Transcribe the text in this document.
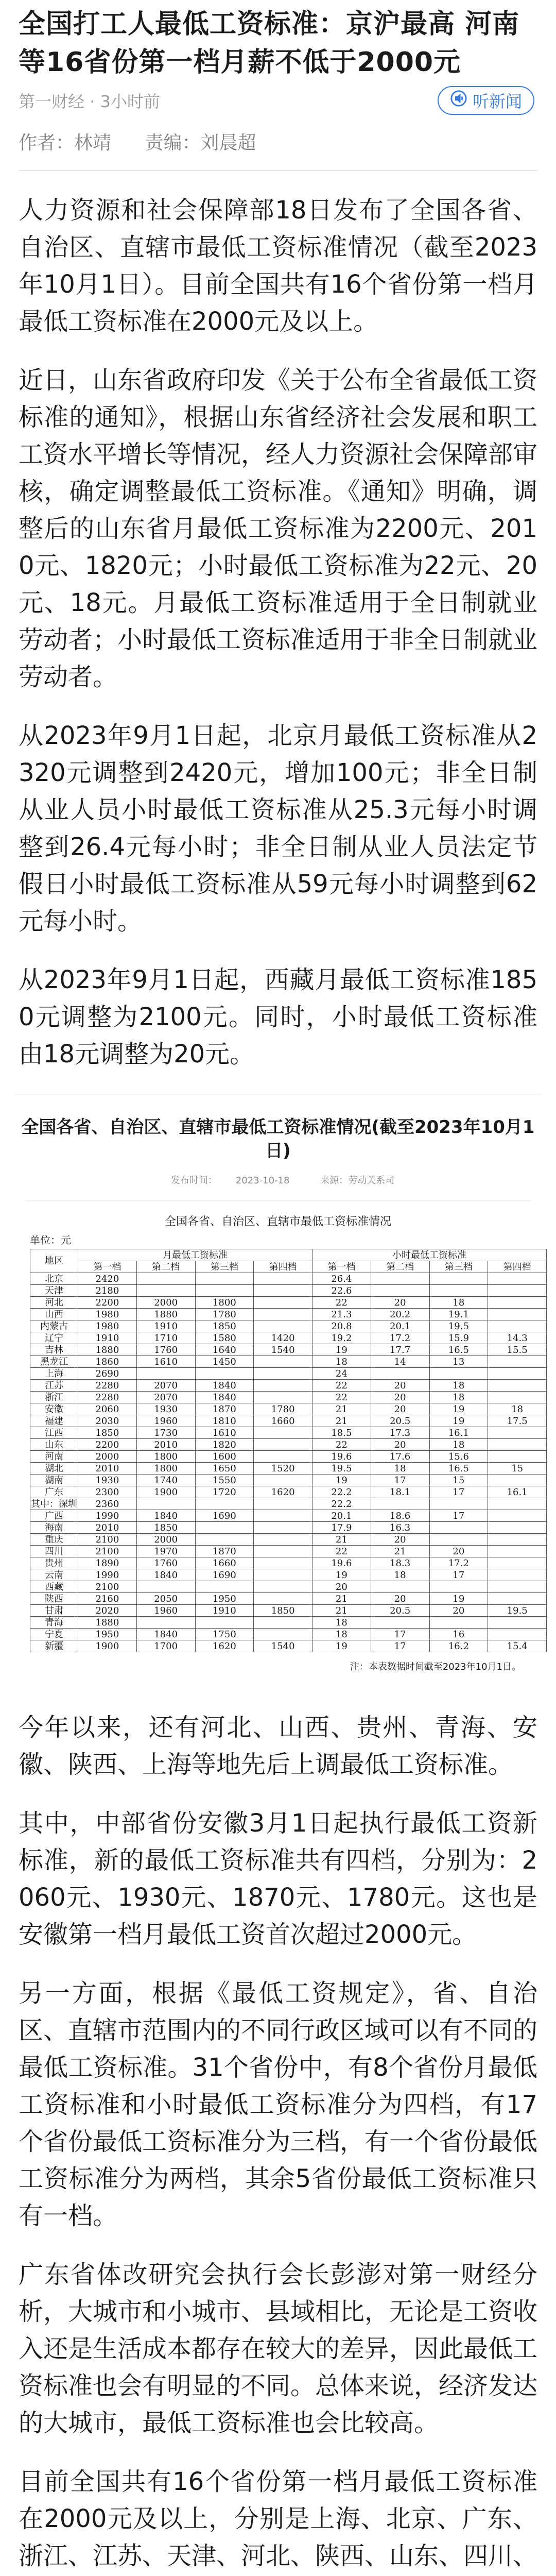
全国打工人最低工资标准：京沪最高 河南等16省份第一档月薪不低于2000元
第一财经 · 3小时前	听新闻
作者：林靖 责编：刘晨超

人力资源和社会保障部18日发布了全国各省、自治区、直辖市最低工资标准情况（截至2023年10月1日）。目前全国共有16个省份第一档月最低工资标准在2000元及以上。

近日，山东省政府印发《关于公布全省最低工资标准的通知》，根据山东省经济社会发展和职工工资水平增长等情况，经人力资源社会保障部审核，确定调整最低工资标准。《通知》明确，调整后的山东省月最低工资标准为2200元、2010元、1820元；小时最低工资标准为22元、20元、18元。月最低工资标准适用于全日制就业劳动者；小时最低工资标准适用于非全日制就业劳动者。

从2023年9月1日起，北京月最低工资标准从2320元调整到2420元，增加100元；非全日制从业人员小时最低工资标准从25.3元每小时调整到26.4元每小时；非全日制从业人员法定节假日小时最低工资标准从59元每小时调整到62元每小时。

从2023年9月1日起，西藏月最低工资标准1850元调整为2100元。同时，小时最低工资标准由18元调整为20元。

全国各省、自治区、直辖市最低工资标准情况(截至2023年10月1日)
发布时间： 2023-10-18	来源：劳动关系司
全国各省、自治区、直辖市最低工资标准情况
单位：元
地区	月最低工资标准				小时最低工资标准			
	第一档	第二档	第三档	第四档	第一档	第二档	第三档	第四档
北京	2420				26.4			
天津	2180				22.6			
河北	2200	2000	1800		22	20	18	
山西	1980	1880	1780		21.3	20.2	19.1	
内蒙古	1980	1910	1850		20.8	20.1	19.5	
辽宁	1910	1710	1580	1420	19.2	17.2	15.9	14.3
吉林	1880	1760	1640	1540	19	17.7	16.5	15.5
黑龙江	1860	1610	1450		18	14	13	
上海	2690				24			
江苏	2280	2070	1840		22	20	18	
浙江	2280	2070	1840		22	20	18	
安徽	2060	1930	1870	1780	21	20	19	18
福建	2030	1960	1810	1660	21	20.5	19	17.5
江西	1850	1730	1610		18.5	17.3	16.1	
山东	2200	2010	1820		22	20	18	
河南	2000	1800	1600		19.6	17.6	15.6	
湖北	2010	1800	1650	1520	19.5	18	16.5	15
湖南	1930	1740	1550		19	17	15	
广东	2300	1900	1720	1620	22.2	18.1	17	16.1
其中：深圳	2360				22.2			
广西	1990	1840	1690		20.1	18.6	17	
海南	2010	1850			17.9	16.3		
重庆	2100	2000			21	20		
四川	2100	1970	1870		22	21	20	
贵州	1890	1760	1660		19.6	18.3	17.2	
云南	1990	1840	1690		19	18	17	
西藏	2100				20			
陕西	2160	2050	1950		21	20	19	
甘肃	2020	1960	1910	1850	21	20.5	20	19.5
青海	1880				18			
宁夏	1950	1840	1750		18	17	16	
新疆	1900	1700	1620	1540	19	17	16.2	15.4
注：本表数据时间截至2023年10月1日。

今年以来，还有河北、山西、贵州、青海、安徽、陕西、上海等地先后上调最低工资标准。

其中，中部省份安徽3月1日起执行最低工资新标准，新的最低工资标准共有四档，分别为：2060元、1930元、1870元、1780元。这也是安徽第一档月最低工资首次超过2000元。

另一方面，根据《最低工资规定》，省、自治区、直辖市范围内的不同行政区域可以有不同的最低工资标准。31个省份中，有8个省份月最低工资标准和小时最低工资标准分为四档，有17个省份最低工资标准分为三档，有一个省份最低工资标准分为两档，其余5省份最低工资标准只有一档。

广东省体改研究会执行会长彭澎对第一财经分析，大城市和小城市、县域相比，无论是工资收入还是生活成本都存在较大的差异，因此最低工资标准也会有明显的不同。总体来说，经济发达的大城市，最低工资标准也会比较高。

目前全国共有16个省份第一档月最低工资标准在2000元及以上，分别是上海、北京、广东、浙江、江苏、天津、河北、陕西、山东、四川、
